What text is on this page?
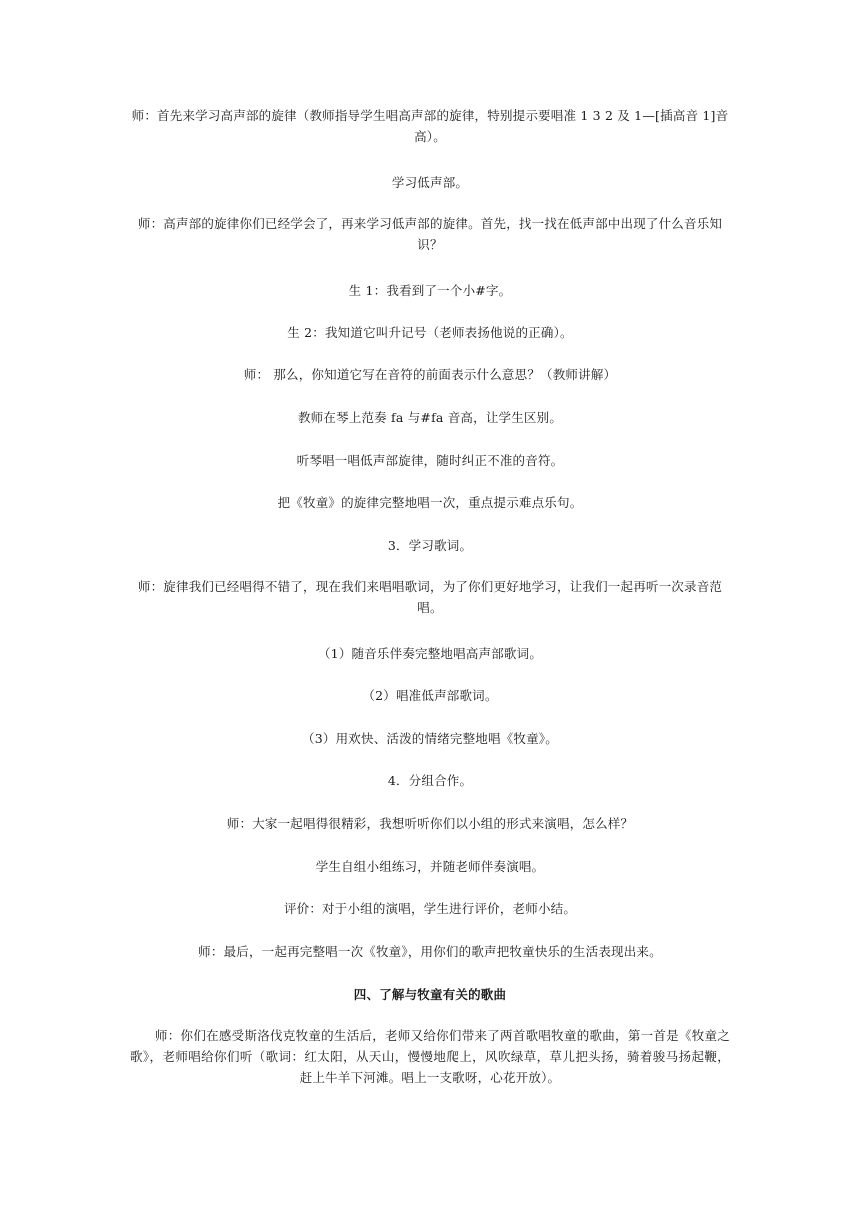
师：首先来学习高声部的旋律（教师指导学生唱高声部的旋律，特别提示要唱准 1 3 2 及 1—[插高音 1]音高）。
学习低声部。
师：高声部的旋律你们已经学会了，再来学习低声部的旋律。首先，找一找在低声部中出现了什么音乐知识？
生 1：我看到了一个小#字。
生 2：我知道它叫升记号（老师表扬他说的正确）。
师： 那么，你知道它写在音符的前面表示什么意思？（教师讲解）
教师在琴上范奏 fa 与#fa 音高，让学生区别。
听琴唱一唱低声部旋律，随时纠正不准的音符。
把《牧童》的旋律完整地唱一次，重点提示难点乐句。
3．学习歌词。
师：旋律我们已经唱得不错了，现在我们来唱唱歌词，为了你们更好地学习，让我们一起再听一次录音范唱。
（1）随音乐伴奏完整地唱高声部歌词。
（2）唱准低声部歌词。
（3）用欢快、活泼的情绪完整地唱《牧童》。
4．分组合作。
师：大家一起唱得很精彩，我想听听你们以小组的形式来演唱，怎么样？
学生自组小组练习，并随老师伴奏演唱。
评价：对于小组的演唱，学生进行评价，老师小结。
师：最后，一起再完整唱一次《牧童》，用你们的歌声把牧童快乐的生活表现出来。
四、了解与牧童有关的歌曲
师：你们在感受斯洛伐克牧童的生活后，老师又给你们带来了两首歌唱牧童的歌曲，第一首是《牧童之歌》，老师唱给你们听（歌词：红太阳，从天山，慢慢地爬上，风吹绿草，草儿把头扬，骑着骏马扬起鞭，赶上牛羊下河滩。唱上一支歌呀，心花开放）。
